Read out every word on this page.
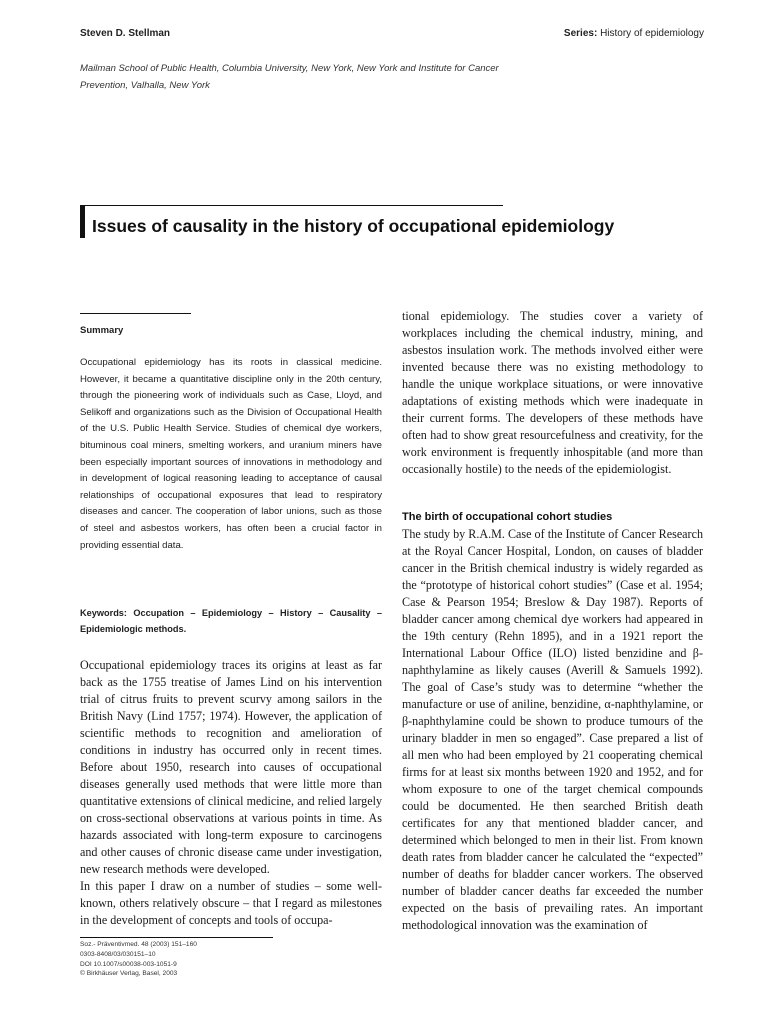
Steven D. Stellman	Series: History of epidemiology
Mailman School of Public Health, Columbia University, New York, New York and Institute for Cancer Prevention, Valhalla, New York
Issues of causality in the history of occupational epidemiology
Summary
Occupational epidemiology has its roots in classical medicine. However, it became a quantitative discipline only in the 20th century, through the pioneering work of individuals such as Case, Lloyd, and Selikoff and organizations such as the Division of Occupational Health of the U.S. Public Health Service. Studies of chemical dye workers, bituminous coal miners, smelting workers, and uranium miners have been especially important sources of innovations in methodology and in development of logical reasoning leading to acceptance of causal relationships of occupational exposures that lead to respiratory diseases and cancer. The cooperation of labor unions, such as those of steel and asbestos workers, has often been a crucial factor in providing essential data.
Keywords: Occupation – Epidemiology – History – Causality – Epidemiologic methods.

Occupational epidemiology traces its origins at least as far back as the 1755 treatise of James Lind on his intervention trial of citrus fruits to prevent scurvy among sailors in the British Navy (Lind 1757; 1974). However, the application of scientific methods to recognition and amelioration of conditions in industry has occurred only in recent times. Before about 1950, research into causes of occupational diseases generally used methods that were little more than quantitative extensions of clinical medicine, and relied largely on cross-sectional observations at various points in time. As hazards associated with long-term exposure to carcinogens and other causes of chronic disease came under investigation, new research methods were developed.

In this paper I draw on a number of studies – some well-known, others relatively obscure – that I regard as milestones in the development of concepts and tools of occupa-

Soz.- Präventivmed. 48 (2003) 151–160
0303-8408/03/030151–10
DOI 10.1007/s00038-003-1051-9
© Birkhäuser Verlag, Basel, 2003
tional epidemiology. The studies cover a variety of workplaces including the chemical industry, mining, and asbestos insulation work. The methods involved either were invented because there was no existing methodology to handle the unique workplace situations, or were innovative adaptations of existing methods which were inadequate in their current forms. The developers of these methods have often had to show great resourcefulness and creativity, for the work environment is frequently inhospitable (and more than occasionally hostile) to the needs of the epidemiologist.
The birth of occupational cohort studies
The study by R.A.M. Case of the Institute of Cancer Research at the Royal Cancer Hospital, London, on causes of bladder cancer in the British chemical industry is widely regarded as the “prototype of historical cohort studies” (Case et al. 1954; Case & Pearson 1954; Breslow & Day 1987). Reports of bladder cancer among chemical dye workers had appeared in the 19th century (Rehn 1895), and in a 1921 report the International Labour Office (ILO) listed benzidine and β-naphthylamine as likely causes (Averill & Samuels 1992). The goal of Case’s study was to determine “whether the manufacture or use of aniline, benzidine, α-naphthylamine, or β-naphthylamine could be shown to produce tumours of the urinary bladder in men so engaged”. Case prepared a list of all men who had been employed by 21 cooperating chemical firms for at least six months between 1920 and 1952, and for whom exposure to one of the target chemical compounds could be documented. He then searched British death certificates for any that mentioned bladder cancer, and determined which belonged to men in their list. From known death rates from bladder cancer he calculated the “expected” number of deaths for bladder cancer workers. The observed number of bladder cancer deaths far exceeded the number expected on the basis of prevailing rates. An important methodological innovation was the examination of
